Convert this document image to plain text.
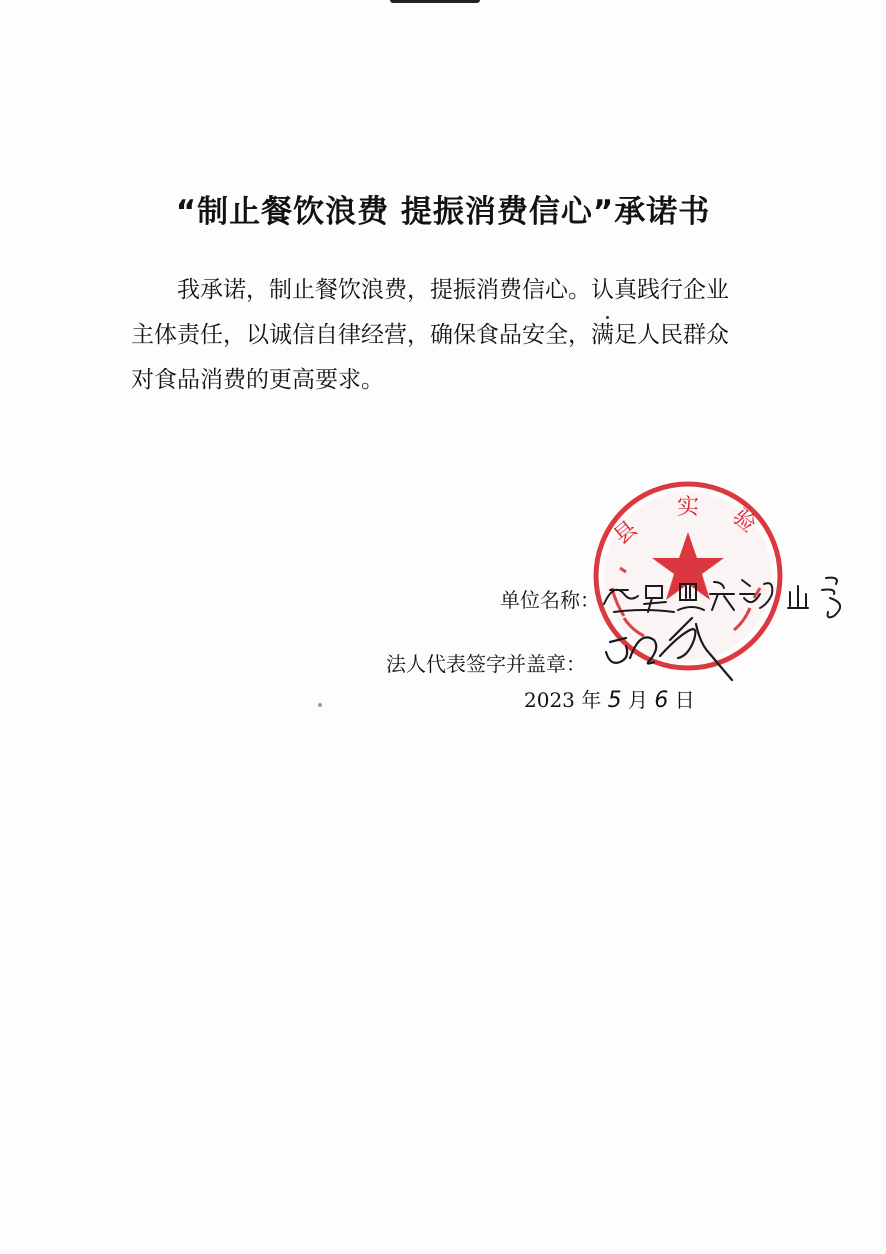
“制止餐饮浪费 提振消费信心”承诺书
我承诺，制止餐饮浪费，提振消费信心。认真践行企业
主体责任，以诚信自律经营，确保食品安全，满足人民群众
对食品消费的更高要求。
实
县	验
单位名称：
法人代表签字并盖章：
2023 年 5 月 6 日
